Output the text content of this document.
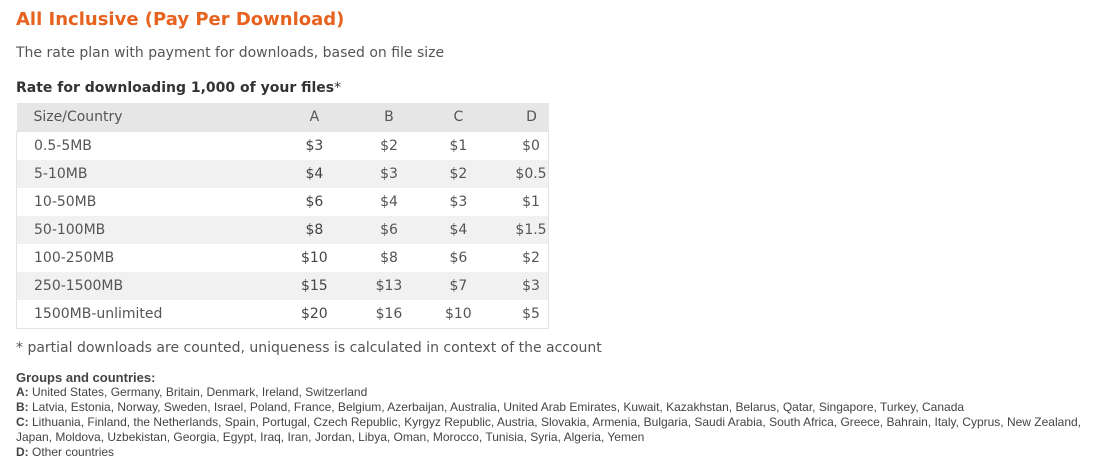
All Inclusive (Pay Per Download)
The rate plan with payment for downloads, based on file size
Rate for downloading 1,000 of your files*
Size/Country	A	B	C	D
0.5-5MB	$3	$2	$1	$0
5-10MB	$4	$3	$2	$0.5
10-50MB	$6	$4	$3	$1
50-100MB	$8	$6	$4	$1.5
100-250MB	$10	$8	$6	$2
250-1500MB	$15	$13	$7	$3
1500MB-unlimited	$20	$16	$10	$5
* partial downloads are counted, uniqueness is calculated in context of the account
Groups and countries:
A: United States, Germany, Britain, Denmark, Ireland, Switzerland
B: Latvia, Estonia, Norway, Sweden, Israel, Poland, France, Belgium, Azerbaijan, Australia, United Arab Emirates, Kuwait, Kazakhstan, Belarus, Qatar, Singapore, Turkey, Canada
C: Lithuania, Finland, the Netherlands, Spain, Portugal, Czech Republic, Kyrgyz Republic, Austria, Slovakia, Armenia, Bulgaria, Saudi Arabia, South Africa, Greece, Bahrain, Italy, Cyprus, New Zealand, Japan, Moldova, Uzbekistan, Georgia, Egypt, Iraq, Iran, Jordan, Libya, Oman, Morocco, Tunisia, Syria, Algeria, Yemen
D: Other countries
